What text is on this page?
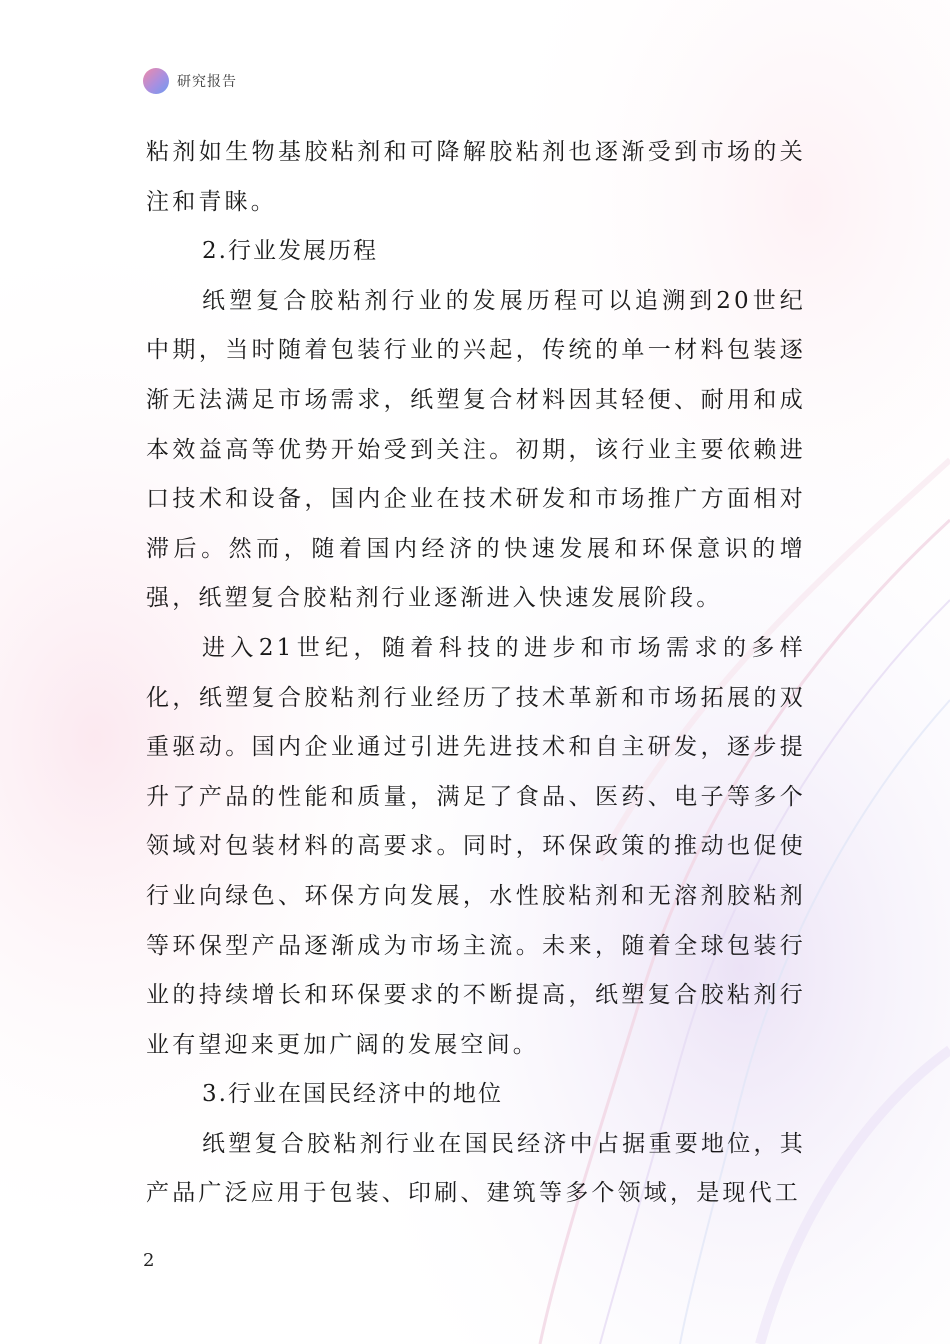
研究报告

粘剂如生物基胶粘剂和可降解胶粘剂也逐渐受到市场的关注和青睐。

2.行业发展历程

纸塑复合胶粘剂行业的发展历程可以追溯到20世纪中期，当时随着包装行业的兴起，传统的单一材料包装逐渐无法满足市场需求，纸塑复合材料因其轻便、耐用和成本效益高等优势开始受到关注。初期，该行业主要依赖进口技术和设备，国内企业在技术研发和市场推广方面相对滞后。然而，随着国内经济的快速发展和环保意识的增强，纸塑复合胶粘剂行业逐渐进入快速发展阶段。

进入21世纪，随着科技的进步和市场需求的多样化，纸塑复合胶粘剂行业经历了技术革新和市场拓展的双重驱动。国内企业通过引进先进技术和自主研发，逐步提升了产品的性能和质量，满足了食品、医药、电子等多个领域对包装材料的高要求。同时，环保政策的推动也促使行业向绿色、环保方向发展，水性胶粘剂和无溶剂胶粘剂等环保型产品逐渐成为市场主流。未来，随着全球包装行业的持续增长和环保要求的不断提高，纸塑复合胶粘剂行业有望迎来更加广阔的发展空间。

3.行业在国民经济中的地位

纸塑复合胶粘剂行业在国民经济中占据重要地位，其产品广泛应用于包装、印刷、建筑等多个领域，是现代工

2
